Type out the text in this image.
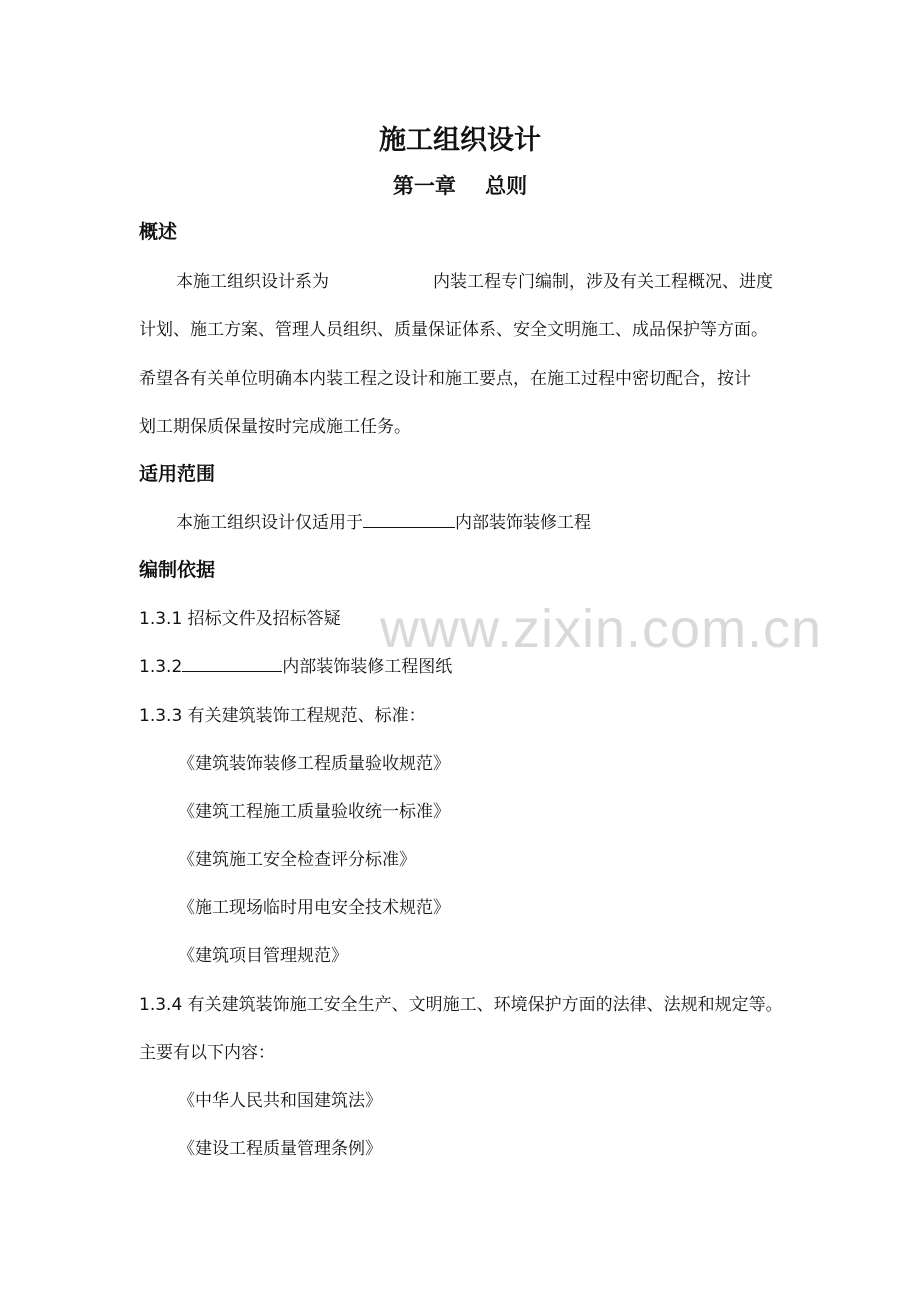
www.zixin.com.cn
施工组织设计
第一章    总则
概述
本施工组织设计系为	内装工程专门编制，涉及有关工程概况、进度
计划、施工方案、管理人员组织、质量保证体系、安全文明施工、成品保护等方面。
希望各有关单位明确本内装工程之设计和施工要点，在施工过程中密切配合，按计
划工期保质保量按时完成施工任务。
适用范围
本施工组织设计仅适用于	内部装饰装修工程
编制依据
1.3.1 招标文件及招标答疑
1.3.2	内部装饰装修工程图纸
1.3.3 有关建筑装饰工程规范、标准：
《建筑装饰装修工程质量验收规范》
《建筑工程施工质量验收统一标准》
《建筑施工安全检查评分标准》
《施工现场临时用电安全技术规范》
《建筑项目管理规范》
1.3.4 有关建筑装饰施工安全生产、文明施工、环境保护方面的法律、法规和规定等。
主要有以下内容：
《中华人民共和国建筑法》
《建设工程质量管理条例》
